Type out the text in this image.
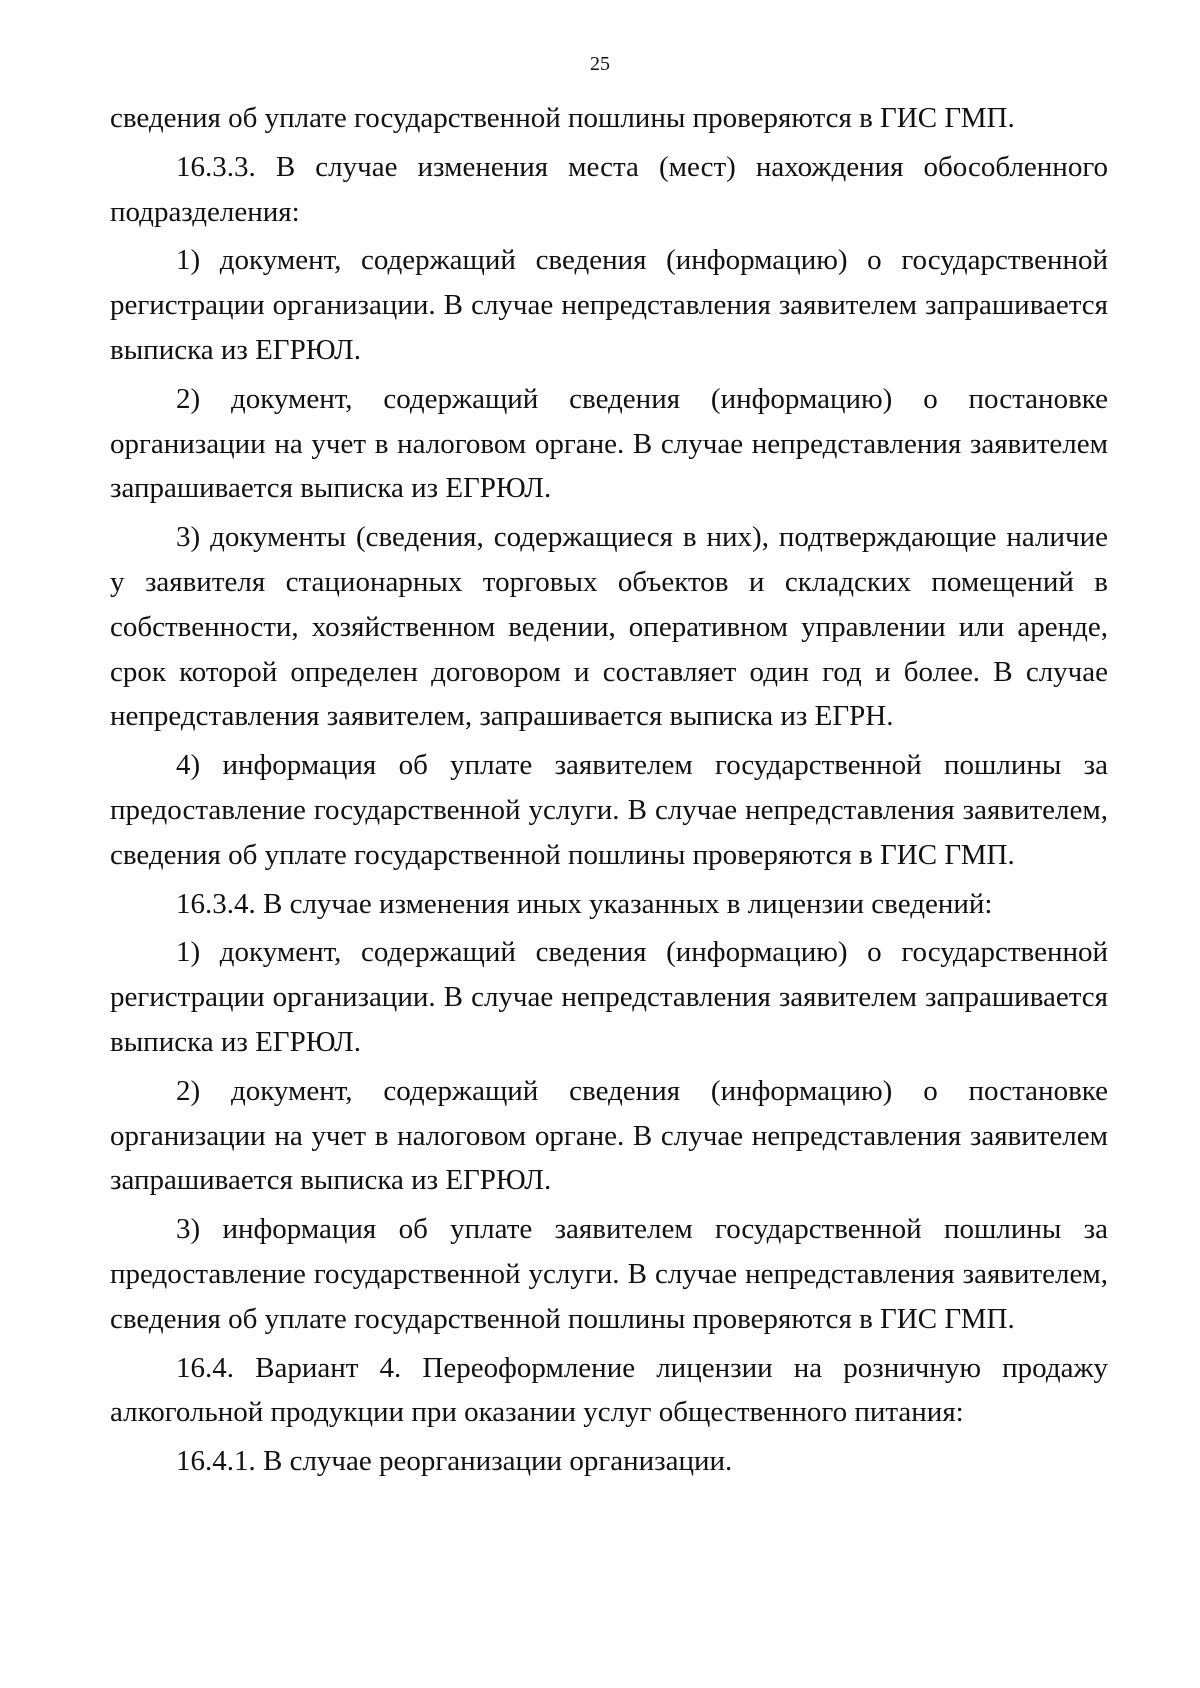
25

сведения об уплате государственной пошлины проверяются в ГИС ГМП.

16.3.3. В случае изменения места (мест) нахождения обособленного подразделения:

1) документ, содержащий сведения (информацию) о государственной регистрации организации. В случае непредставления заявителем запрашивается выписка из ЕГРЮЛ.

2) документ, содержащий сведения (информацию) о постановке организации на учет в налоговом органе. В случае непредставления заявителем запрашивается выписка из ЕГРЮЛ.

3) документы (сведения, содержащиеся в них), подтверждающие наличие у заявителя стационарных торговых объектов и складских помещений в собственности, хозяйственном ведении, оперативном управлении или аренде, срок которой определен договором и составляет один год и более. В случае непредставления заявителем, запрашивается выписка из ЕГРН.

4) информация об уплате заявителем государственной пошлины за предоставление государственной услуги. В случае непредставления заявителем, сведения об уплате государственной пошлины проверяются в ГИС ГМП.

16.3.4. В случае изменения иных указанных в лицензии сведений:

1) документ, содержащий сведения (информацию) о государственной регистрации организации. В случае непредставления заявителем запрашивается выписка из ЕГРЮЛ.

2) документ, содержащий сведения (информацию) о постановке организации на учет в налоговом органе. В случае непредставления заявителем запрашивается выписка из ЕГРЮЛ.

3) информация об уплате заявителем государственной пошлины за предоставление государственной услуги. В случае непредставления заявителем, сведения об уплате государственной пошлины проверяются в ГИС ГМП.

16.4. Вариант 4. Переоформление лицензии на розничную продажу алкогольной продукции при оказании услуг общественного питания:

16.4.1. В случае реорганизации организации.
